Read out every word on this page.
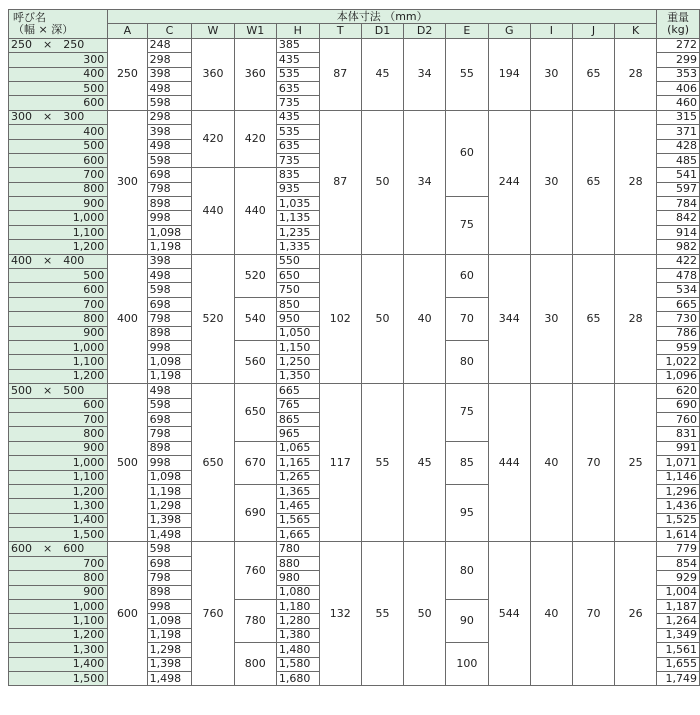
呼び名
（幅 × 深）	本体寸法 （mm）													重量
(kg)
	A	C	W	W1	H	T	D1	D2	E	G	I	J	K	
250　×　250	250	248	360	360	385	87	45	34	55	194	30	65	28	272
300		298			435									299
400		398			535									353
500		498			635									406
600		598			735									460
300　×　300	300	298	420	420	435	87	50	34	60	244	30	65	28	315
400		398			535									371
500		498			635									428
600		598			735									485
700		698	440	440	835									541
800		798			935									597
900		898			1,035				75					784
1,000		998			1,135									842
1,100		1,098			1,235									914
1,200		1,198			1,335									982
400　×　400	400	398	520	520	550	102	50	40	60	344	30	65	28	422
500		498			650									478
600		598			750									534
700		698		540	850				70					665
800		798			950									730
900		898			1,050									786
1,000		998		560	1,150				80					959
1,100		1,098			1,250									1,022
1,200		1,198			1,350									1,096
500　×　500	500	498	650	650	665	117	55	45	75	444	40	70	25	620
600		598			765									690
700		698			865									760
800		798			965									831
900		898		670	1,065				85					991
1,000		998			1,165									1,071
1,100		1,098			1,265									1,146
1,200		1,198		690	1,365				95					1,296
1,300		1,298			1,465									1,436
1,400		1,398			1,565									1,525
1,500		1,498			1,665									1,614
600　×　600	600	598	760	760	780	132	55	50	80	544	40	70	26	779
700		698			880									854
800		798			980									929
900		898			1,080									1,004
1,000		998		780	1,180				90					1,187
1,100		1,098			1,280									1,264
1,200		1,198			1,380									1,349
1,300		1,298		800	1,480				100					1,561
1,400		1,398			1,580									1,655
1,500		1,498			1,680									1,749
